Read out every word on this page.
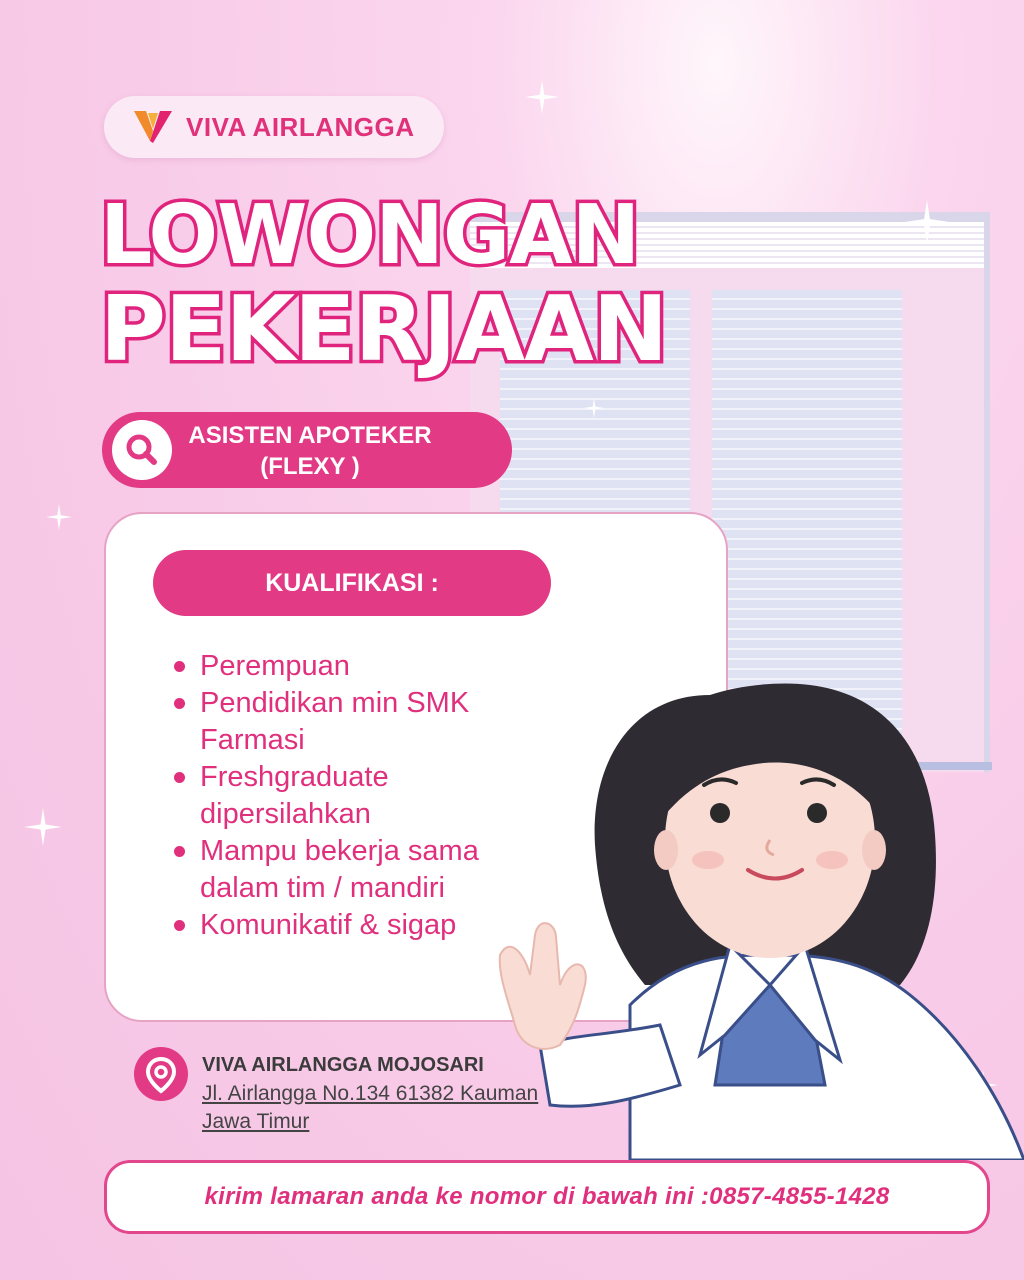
VIVA AIRLANGGA
LOWONGAN
PEKERJAAN
ASISTEN APOTEKER
(FLEXY )
KUALIFIKASI :
Perempuan
Pendidikan min SMK Farmasi
Freshgraduate dipersilahkan
Mampu bekerja sama dalam tim / mandiri
Komunikatif & sigap
VIVA AIRLANGGA MOJOSARI
Jl. Airlangga No.134 61382 Kauman
Jawa Timur
kirim lamaran anda ke nomor di bawah ini :0857-4855-1428
